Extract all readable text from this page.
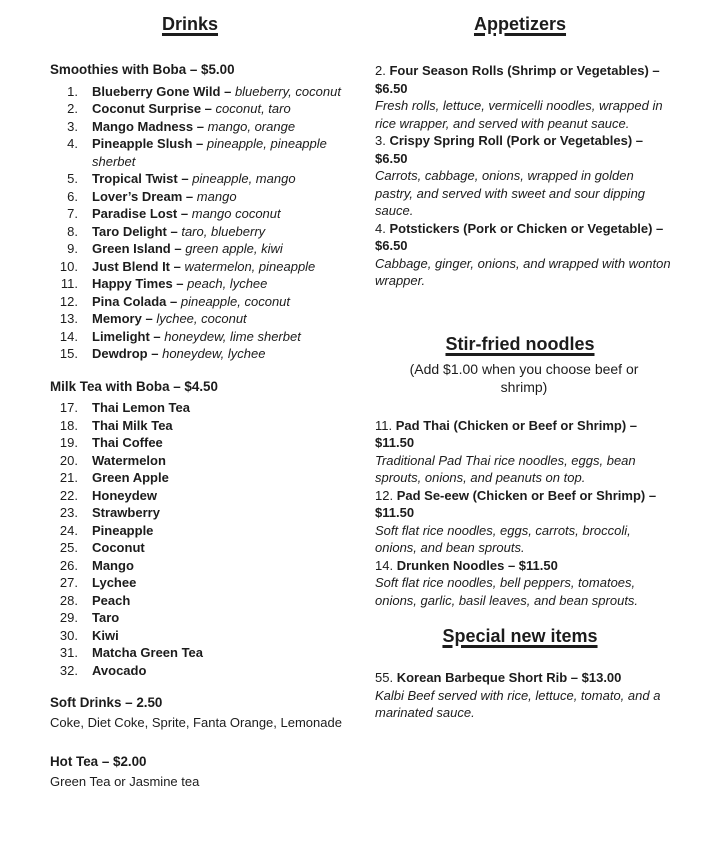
Drinks

Smoothies with Boba – $5.00

1. Blueberry Gone Wild – blueberry, coconut
2. Coconut Surprise – coconut, taro
3. Mango Madness – mango, orange
4. Pineapple Slush – pineapple, pineapple sherbet
5. Tropical Twist – pineapple, mango
6. Lover’s Dream – mango
7. Paradise Lost – mango coconut
8. Taro Delight – taro, blueberry
9. Green Island – green apple, kiwi
10. Just Blend It – watermelon, pineapple
11. Happy Times – peach, lychee
12. Pina Colada – pineapple, coconut
13. Memory – lychee, coconut
14. Limelight – honeydew, lime sherbet
15. Dewdrop – honeydew, lychee

Milk Tea with Boba – $4.50

17. Thai Lemon Tea
18. Thai Milk Tea
19. Thai Coffee
20. Watermelon
21. Green Apple
22. Honeydew
23. Strawberry
24. Pineapple
25. Coconut
26. Mango
27. Lychee
28. Peach
29. Taro
30. Kiwi
31. Matcha Green Tea
32. Avocado

Soft Drinks – 2.50

Coke, Diet Coke, Sprite, Fanta Orange, Lemonade

Hot Tea – $2.00

Green Tea or Jasmine tea

Appetizers

2. Four Season Rolls (Shrimp or Vegetables) – $6.50

Fresh rolls, lettuce, vermicelli noodles, wrapped in rice wrapper, and served with peanut sauce.

3. Crispy Spring Roll (Pork or Vegetables) – $6.50

Carrots, cabbage, onions, wrapped in golden pastry, and served with sweet and sour dipping sauce.

4. Potstickers (Pork or Chicken or Vegetable) –$6.50

Cabbage, ginger, onions, and wrapped with wonton wrapper.

Stir-fried noodles

(Add $1.00 when you choose beef or shrimp)

11. Pad Thai (Chicken or Beef or Shrimp) – $11.50

Traditional Pad Thai rice noodles, eggs, bean sprouts, onions, and peanuts on top.

12. Pad Se-eew (Chicken or Beef or Shrimp) – $11.50

Soft flat rice noodles, eggs, carrots, broccoli, onions, and bean sprouts.

14. Drunken Noodles – $11.50

Soft flat rice noodles, bell peppers, tomatoes, onions, garlic, basil leaves, and bean sprouts.

Special new items

55. Korean Barbeque Short Rib – $13.00

Kalbi Beef served with rice, lettuce, tomato, and a marinated sauce.
